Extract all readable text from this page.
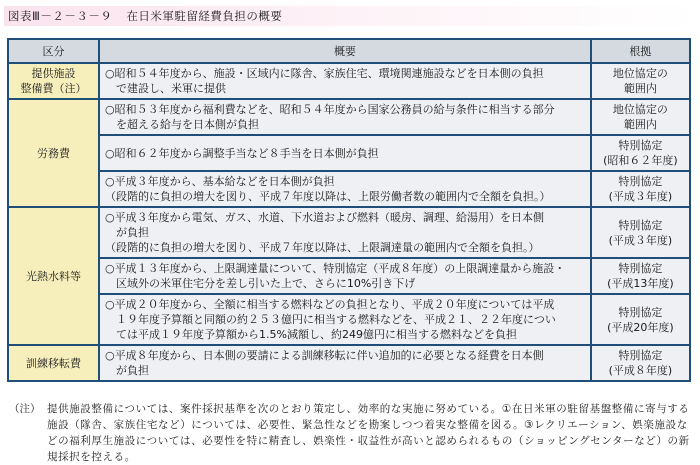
図表Ⅲ－２－３－９ 在日米軍駐留経費負担の概要
区分	概要	根拠

提供施設
整備費（注）	○昭和５４年度から、施設・区域内に隊舎、家族住宅、環境関連施設などを日本側の負担
で建設し、米軍に提供	地位協定の
範囲内

労務費	○昭和５３年度から福利費などを、昭和５４年度から国家公務員の給与条件に相当する部分
を超える給与を日本側が負担	地位協定の
範囲内

	○昭和６２年度から調整手当など８手当を日本側が負担	特別協定
(昭和６２年度)

	○平成３年度から、基本給などを日本側が負担
（段階的に負担の増大を図り、平成７年度以降は、上限労働者数の範囲内で全額を負担。）	特別協定
(平成３年度)

光熱水料等	○平成３年度から電気、ガス、水道、下水道および燃料（暖房、調理、給湯用）を日本側
が負担
（段階的に負担の増大を図り、平成７年度以降は、上限調達量の範囲内で全額を負担。）	特別協定
(平成３年度)

	○平成１３年度から、上限調達量について、特別協定（平成８年度）の上限調達量から施設・
区域外の米軍住宅分を差し引いた上で、さらに10%引き下げ	特別協定
(平成13年度)

	○平成２０年度から、全額に相当する燃料などの負担となり、平成２０年度については平成
１９年度予算額と同額の約２５３億円に相当する燃料などを、平成２１、２２年度につい
ては平成１９年度予算額から1.5%減額し、約249億円に相当する燃料などを負担	特別協定
(平成20年度)

訓練移転費	○平成８年度から、日本側の要請による訓練移転に伴い追加的に必要となる経費を日本側
が負担	特別協定
(平成８年度)
（注） 提供施設整備については、案件採択基準を次のとおり策定し、効率的な実施に努めている。①在日米軍の駐留基盤整備に寄与する施設（隊舎、家族住宅など）については、必要性、緊急性などを勘案しつつ着実な整備を図る。③レクリエーション、娯楽施設などの福利厚生施設については、必要性を特に精査し、娯楽性・収益性が高いと認められるもの（ショッピングセンターなど）の新規採択を控える。
